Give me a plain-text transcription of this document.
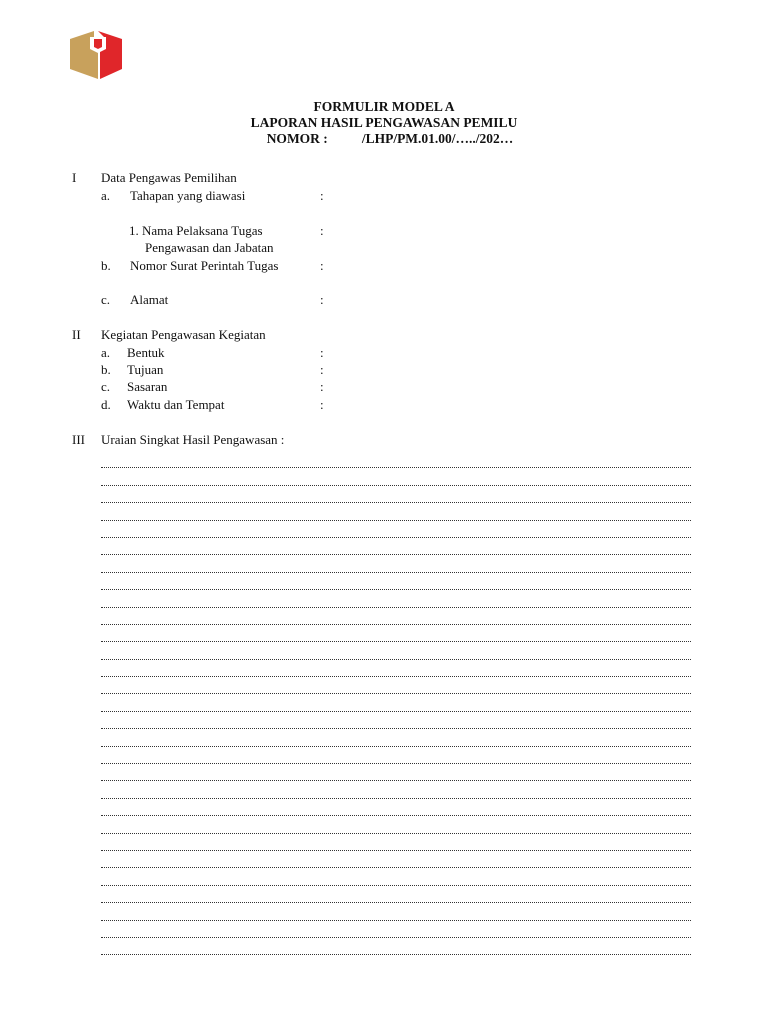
FORMULIR MODEL A
LAPORAN HASIL PENGAWASAN PEMILU
NOMOR :	/LHP/PM.01.00/…../202…
I Data Pengawas Pemilihan
a. Tahapan yang diawasi	:
1. Nama Pelaksana Tugas	:
Pengawasan dan Jabatan
b. Nomor Surat Perintah Tugas	:
c. Alamat	:
II Kegiatan Pengawasan Kegiatan
a. Bentuk	:
b. Tujuan	:
c. Sasaran	:
d. Waktu dan Tempat	:
III Uraian Singkat Hasil Pengawasan :
